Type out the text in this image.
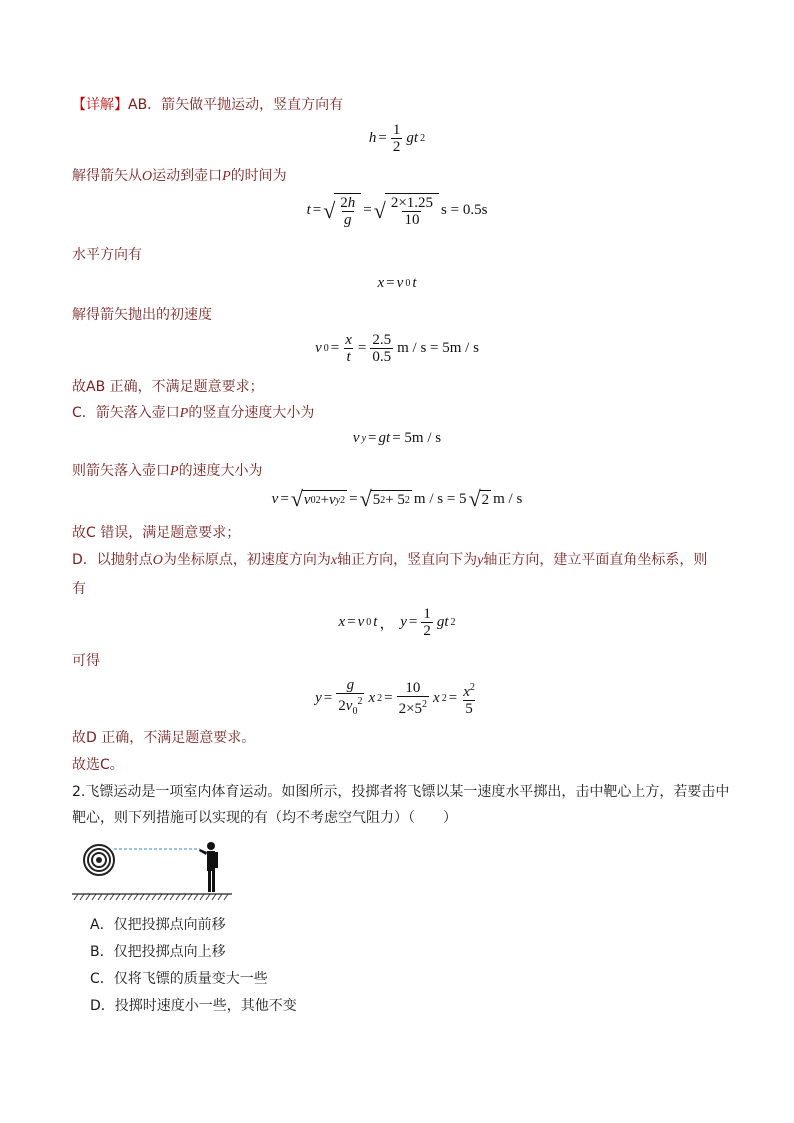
【详解】AB．箭矢做平抛运动，竖直方向有
$h = \frac{1}{2}$ gt 2
解得箭矢从O运动到壶口P的时间为
t = √ $\frac{2h}{g}$ = √ $\frac{2\times 1.25}{10}$ s = 0.5s
水平方向有
x = v 0 t
解得箭矢抛出的初速度
v $0 = \frac{x}{t} = \frac{2.5}{0.5}$ m / s = 5m / s
故AB 正确，不满足题意要求；
C．箭矢落入壶口P的竖直分速度大小为
v y = gt = 5m / s
则箭矢落入壶口P的速度大小为
v = √ v 0 2 + v y 2 = √ 5 2 + 5 2 m / s = 5 √ 2 m / s
故C 错误，满足题意要求；
D．以抛射点O为坐标原点，初速度方向为x轴正方向，竖直向下为y轴正方向，建立平面直角坐标系，则
有
x = v 0 t ， $y = \frac{1}{2}$ gt 2
可得
$y = \frac{g}{2v_0^2}$ x $2 = \frac{10}{2\times 5^2}$ x $2 = \frac{x^2}{5}$
故D 正确，不满足题意要求。
故选C。
2.飞镖运动是一项室内体育运动。如图所示，投掷者将飞镖以某一速度水平掷出，击中靶心上方，若要击中
靶心，则下列措施可以实现的有（均不考虑空气阻力）（　　）
A．仅把投掷点向前移
B．仅把投掷点向上移
C．仅将飞镖的质量变大一些
D．投掷时速度小一些，其他不变
